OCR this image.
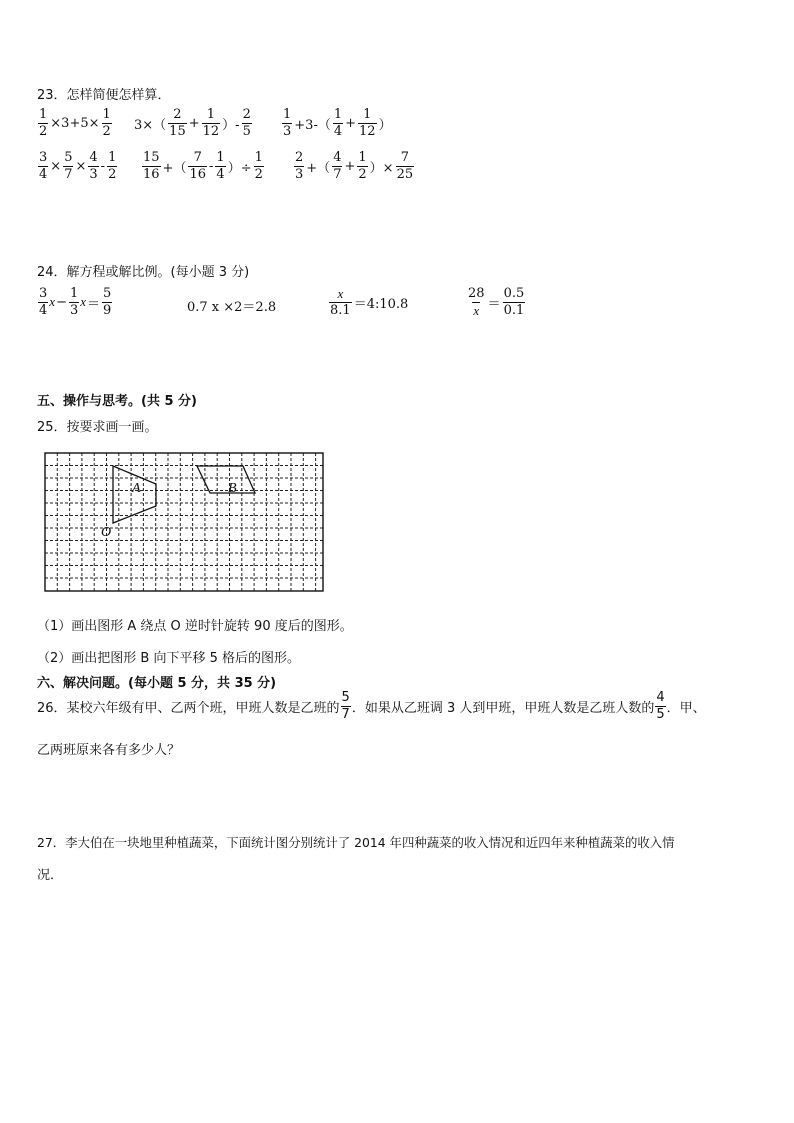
23．怎样简便怎样算．
$\frac{1}{2} \times 3+5\times \frac{1}{2} 3\times( \frac{2}{15} + \frac{1}{12}$ ）- $\frac{2}{5} \frac{1}{3} +3-( \frac{1}{4} + \frac{1}{12}$ ）
$\frac{3}{4} \times \frac{5}{7} \times \frac{4}{3} - \frac{1}{2} \frac{15}{16}$ +（ $\frac{7}{16} - \frac{1}{4}$ ）÷ $\frac{1}{2} \frac{2}{3}$ +（ $\frac{4}{7} + \frac{1}{2}$ ）× $\frac{7}{25}$
24．解方程或解比例。(每小题 3 分)
$\frac{3}{4}$ $x - \frac{1}{3}$ $x = \frac{5}{9}$	0.7 x ×2＝2.8	$\frac{x}{8.1}$ ＝4:10.8	$\frac{28}{x} = \frac{0.5}{0.1}$
五、操作与思考。(共 5 分)
25．按要求画一画。
A	B
O
（1）画出图形 A 绕点 O 逆时针旋转 90 度后的图形。
（2）画出把图形 B 向下平移 5 格后的图形。
六、解决问题。(每小题 5 分，共 35 分)
26．某校六年级有甲、乙两个班，甲班人数是乙班的 $\frac{5}{7}$ ．如果从乙班调 3 人到甲班，甲班人数是乙班人数的 $\frac{4}{5}$ ．甲、
乙两班原来各有多少人？
27．李大伯在一块地里种植蔬菜，下面统计图分别统计了 2014 年四种蔬菜的收入情况和近四年来种植蔬菜的收入情
况．
